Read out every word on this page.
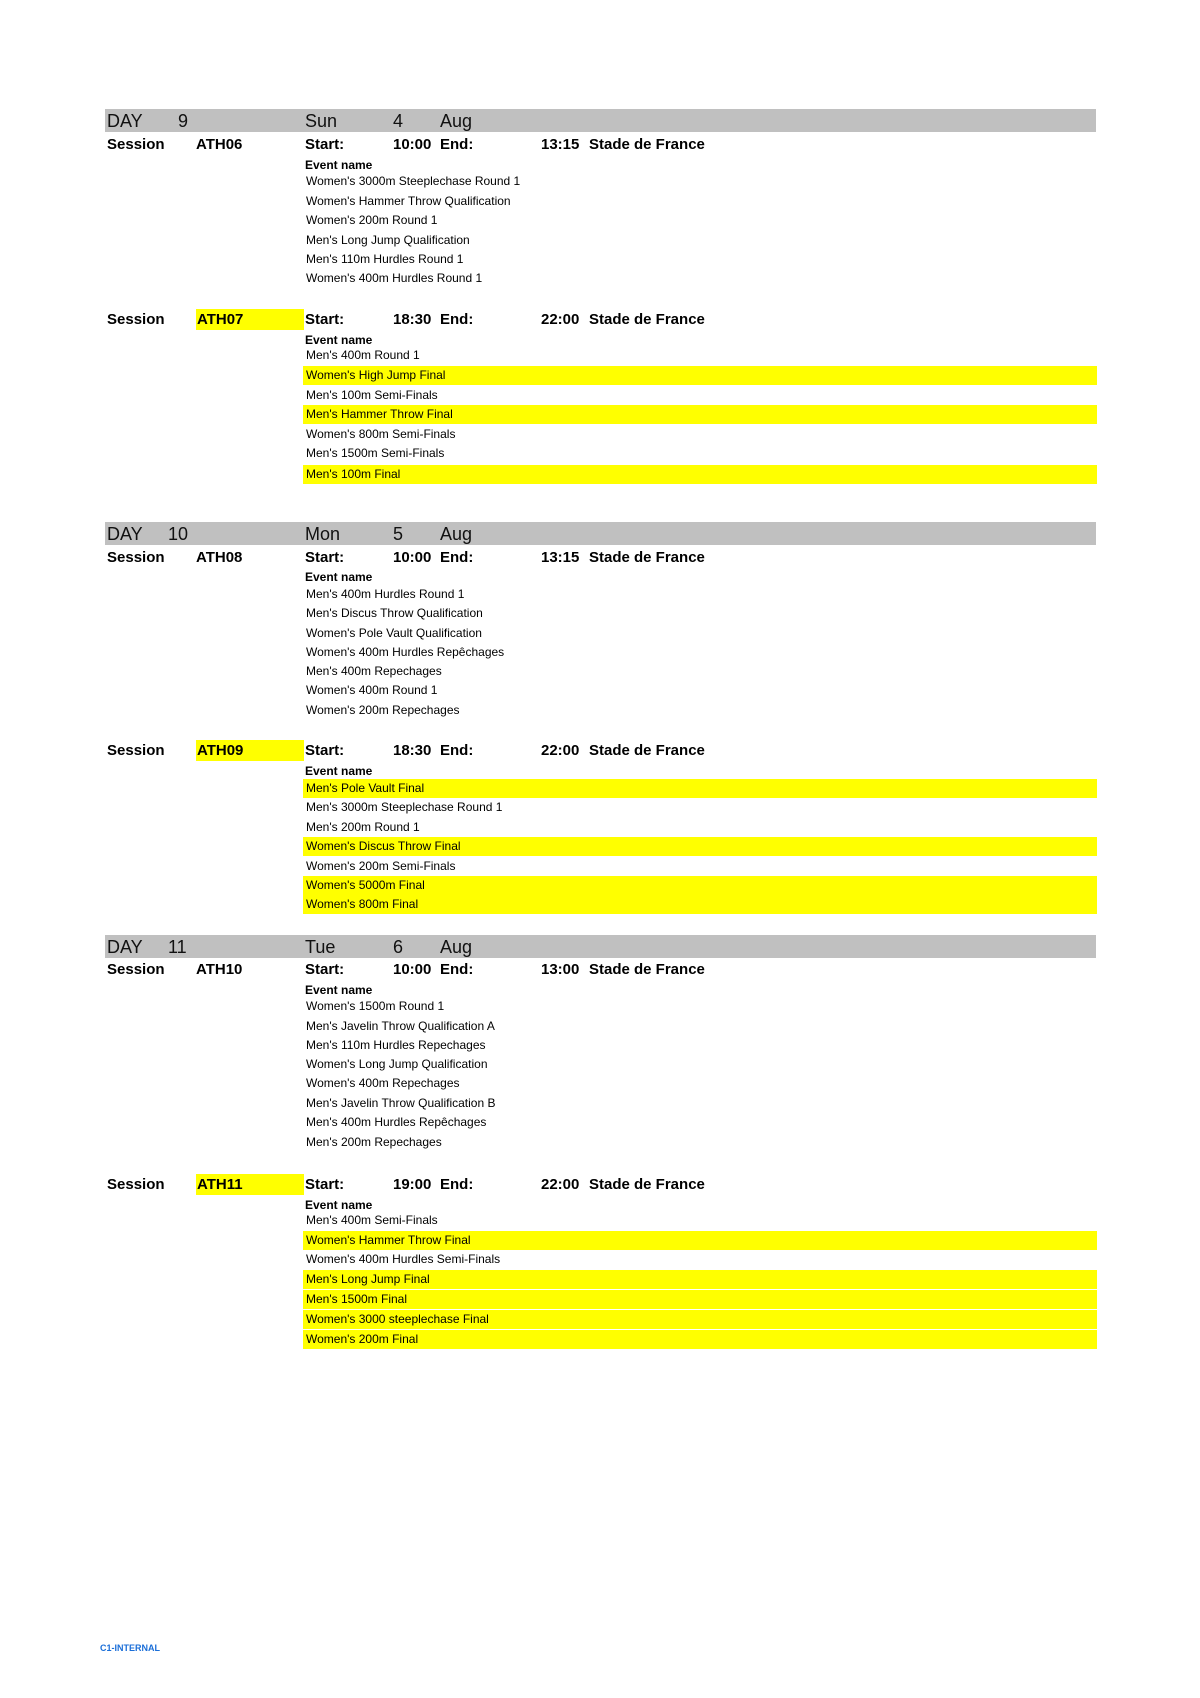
DAY 9	Sun	4 Aug
Session ATH06	Start:	10:00 End:	13:15 Stade de France
Event name
Women's 3000m Steeplechase Round 1
Women's Hammer Throw Qualification
Women's 200m Round 1
Men's Long Jump Qualification
Men's 110m Hurdles Round 1
Women's 400m Hurdles Round 1
Session ATH07	Start:	18:30 End:	22:00 Stade de France
Event name
Men's 400m Round 1
Women's High Jump Final
Men's 100m Semi-Finals
Men's Hammer Throw Final
Women's 800m Semi-Finals
Men's 1500m Semi-Finals
Men's 100m Final
DAY 10	Mon	5 Aug
Session ATH08	Start:	10:00 End:	13:15 Stade de France
Event name
Men's 400m Hurdles Round 1
Men's Discus Throw Qualification
Women's Pole Vault Qualification
Women's 400m Hurdles Repêchages
Men's 400m Repechages
Women's 400m Round 1
Women's 200m Repechages
Session ATH09	Start:	18:30 End:	22:00 Stade de France
Event name
Men's Pole Vault Final
Men's 3000m Steeplechase Round 1
Men's 200m Round 1
Women's Discus Throw Final
Women's 200m Semi-Finals
Women's 5000m Final
Women's 800m Final
DAY 11	Tue	6 Aug
Session ATH10	Start:	10:00 End:	13:00 Stade de France
Event name
Women's 1500m Round 1
Men's Javelin Throw Qualification A
Men's 110m Hurdles Repechages
Women's Long Jump Qualification
Women's 400m Repechages
Men's Javelin Throw Qualification B
Men's 400m Hurdles Repêchages
Men's 200m Repechages
Session ATH11	Start:	19:00 End:	22:00 Stade de France
Event name
Men's 400m Semi-Finals
Women's Hammer Throw Final
Women's 400m Hurdles Semi-Finals
Men's Long Jump Final
Men's 1500m Final
Women's 3000 steeplechase Final
Women's 200m Final
C1-INTERNAL
